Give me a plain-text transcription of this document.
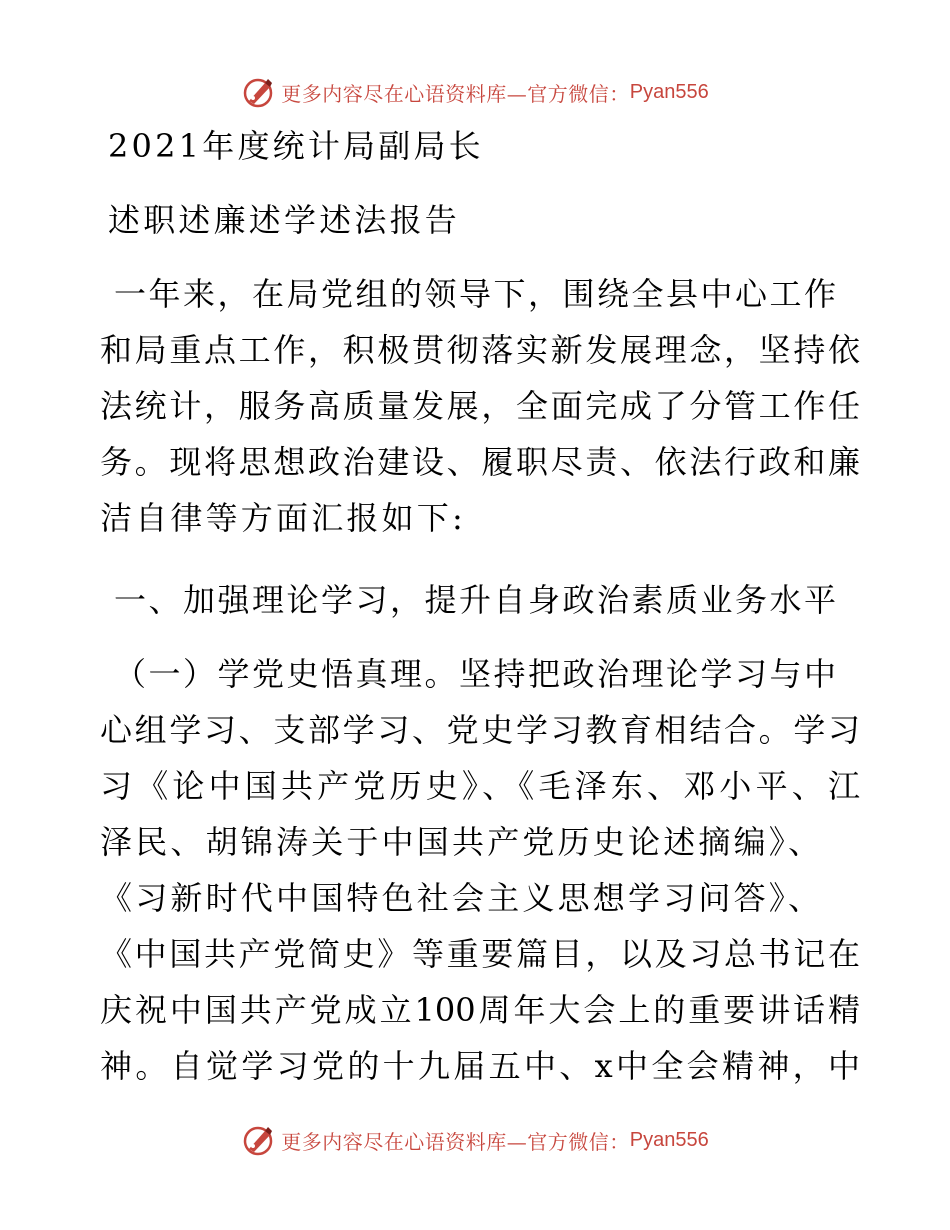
更多内容尽在心语资料库—官方微信： Pyan556
2021年度统计局副局长
述职述廉述学述法报告
一年来，在局党组的领导下，围绕全县中心工作
和局重点工作，积极贯彻落实新发展理念，坚持依
法统计，服务高质量发展，全面完成了分管工作任
务。现将思想政治建设、履职尽责、依法行政和廉
洁自律等方面汇报如下:
一、加强理论学习，提升自身政治素质业务水平
（一）学党史悟真理。坚持把政治理论学习与中
心组学习、支部学习、党史学习教育相结合。学习
习《论中国共产党历史》、《毛泽东、邓小平、江
泽民、胡锦涛关于中国共产党历史论述摘编》、
《习新时代中国特色社会主义思想学习问答》、
《中国共产党简史》等重要篇目，以及习总书记在
庆祝中国共产党成立100周年大会上的重要讲话精
神。自觉学习党的十九届五中、x中全会精神，中
更多内容尽在心语资料库—官方微信： Pyan556
